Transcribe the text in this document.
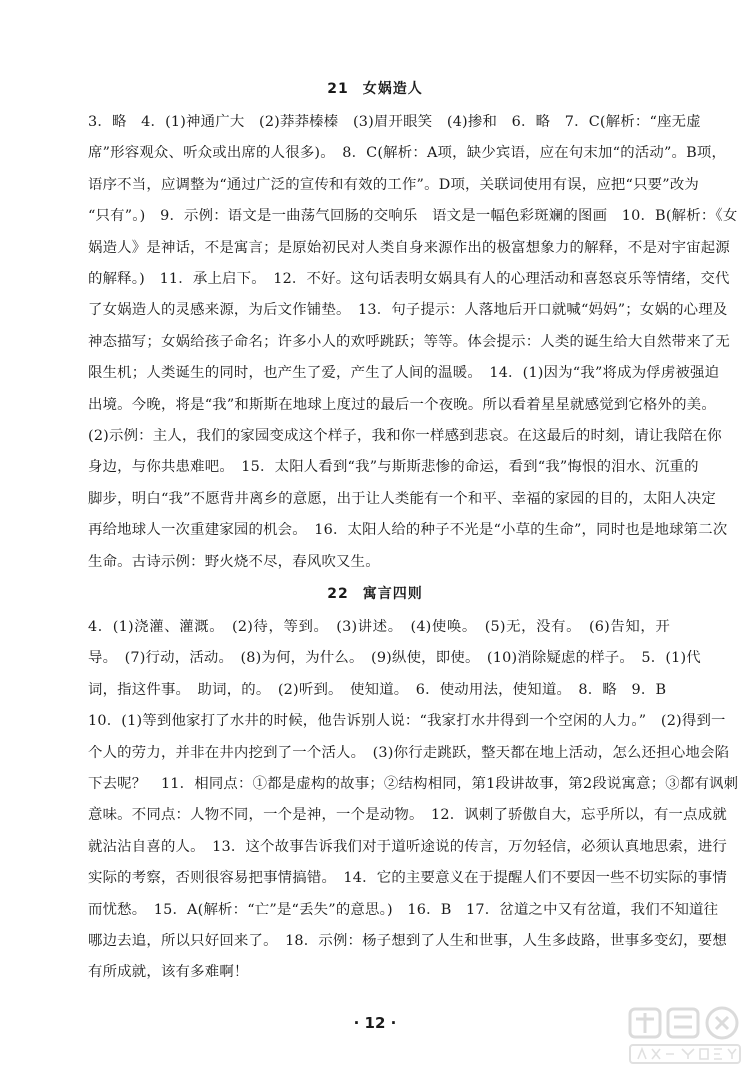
21 女娲造人
3．略　4．(1)神通广大　(2)莽莽榛榛　(3)眉开眼笑　(4)掺和　6．略　7．C(解析：“座无虚
席”形容观众、听众或出席的人很多)。　8．C(解析：A项，缺少宾语，应在句末加“的活动”。B项，
语序不当，应调整为“通过广泛的宣传和有效的工作”。D项，关联词使用有误，应把“只要”改为
“只有”。)　9．示例：语文是一曲荡气回肠的交响乐　语文是一幅色彩斑斓的图画　10．B(解析：《女
娲造人》是神话，不是寓言；是原始初民对人类自身来源作出的极富想象力的解释，不是对宇宙起源
的解释。)　11．承上启下。　12．不好。这句话表明女娲具有人的心理活动和喜怒哀乐等情绪，交代
了女娲造人的灵感来源，为后文作铺垫。　13．句子提示：人落地后开口就喊“妈妈”；女娲的心理及
神态描写；女娲给孩子命名；许多小人的欢呼跳跃；等等。体会提示：人类的诞生给大自然带来了无
限生机；人类诞生的同时，也产生了爱，产生了人间的温暖。　14．(1)因为“我”将成为俘虏被强迫
出境。今晚，将是“我”和斯斯在地球上度过的最后一个夜晚。所以看着星星就感觉到它格外的美。
(2)示例：主人，我们的家园变成这个样子，我和你一样感到悲哀。在这最后的时刻，请让我陪在你
身边，与你共患难吧。　15．太阳人看到“我”与斯斯悲惨的命运，看到“我”悔恨的泪水、沉重的
脚步，明白“我”不愿背井离乡的意愿，出于让人类能有一个和平、幸福的家园的目的，太阳人决定
再给地球人一次重建家园的机会。　16．太阳人给的种子不光是“小草的生命”，同时也是地球第二次
生命。古诗示例：野火烧不尽，春风吹又生。
22 寓言四则
4．(1)浇灌、灌溉。　(2)待，等到。　(3)讲述。　(4)使唤。　(5)无，没有。　(6)告知，开
导。　(7)行动，活动。　(8)为何，为什么。　(9)纵使，即使。　(10)消除疑虑的样子。　5．(1)代
词，指这件事。　助词，的。　(2)听到。　使知道。　6．使动用法，使知道。　8．略　9．B
10．(1)等到他家打了水井的时候，他告诉别人说：“我家打水井得到一个空闲的人力。”　(2)得到一
个人的劳力，并非在井内挖到了一个活人。　(3)你行走跳跃，整天都在地上活动，怎么还担心地会陷
下去呢？　11．相同点：①都是虚构的故事；②结构相同，第1段讲故事，第2段说寓意；③都有讽刺
意味。不同点：人物不同，一个是神，一个是动物。　12．讽刺了骄傲自大，忘乎所以，有一点成就
就沾沾自喜的人。　13．这个故事告诉我们对于道听途说的传言，万勿轻信，必须认真地思索，进行
实际的考察，否则很容易把事情搞错。　14．它的主要意义在于提醒人们不要因一些不切实际的事情
而忧愁。　15．A(解析：“亡”是“丢失”的意思。)　16．B　17．岔道之中又有岔道，我们不知道往
哪边去追，所以只好回来了。　18．示例：杨子想到了人生和世事，人生多歧路，世事多变幻，要想
有所成就，该有多难啊！
· 12 ·
